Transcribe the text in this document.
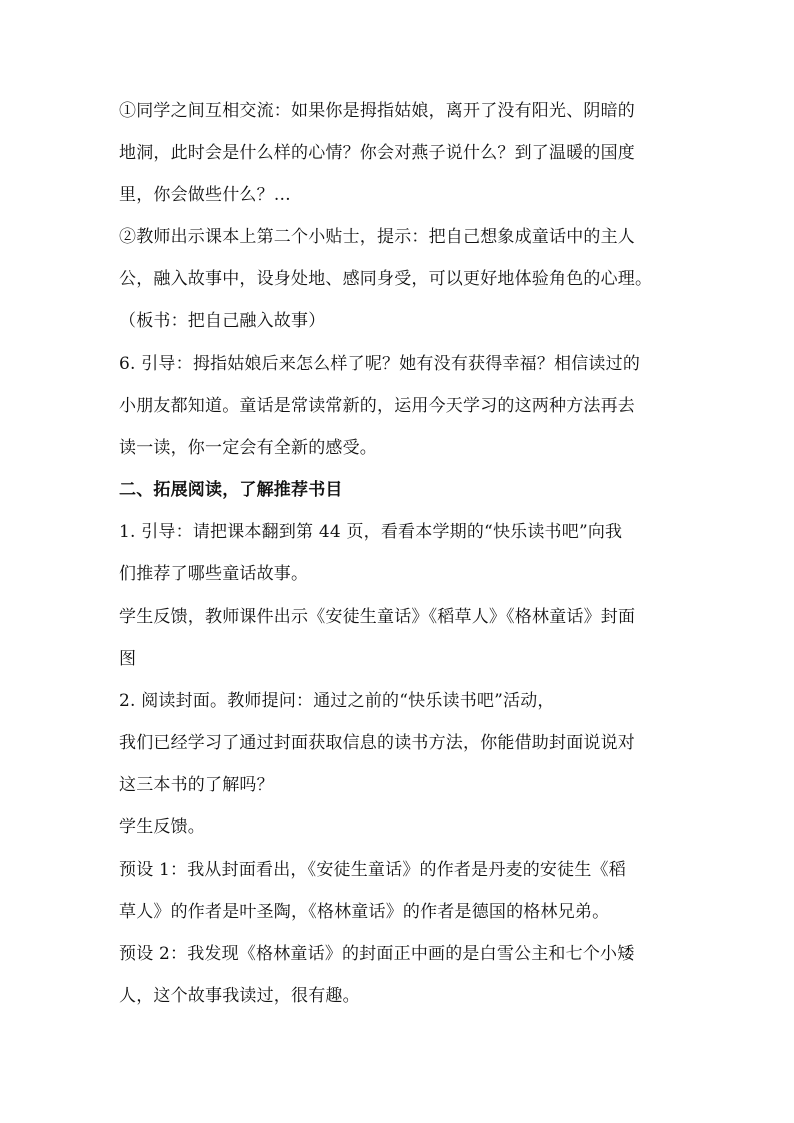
①同学之间互相交流：如果你是拇指姑娘，离开了没有阳光、阴暗的
地洞，此时会是什么样的心情？你会对燕子说什么？到了温暖的国度
里，你会做些什么？…
②教师出示课本上第二个小贴士，提示：把自己想象成童话中的主人
公，融入故事中，设身处地、感同身受，可以更好地体验角色的心理。
（板书：把自己融入故事）
6. 引导：拇指姑娘后来怎么样了呢？她有没有获得幸福？相信读过的
小朋友都知道。童话是常读常新的，运用今天学习的这两种方法再去
读一读，你一定会有全新的感受。
二、拓展阅读，了解推荐书目
1. 引导：请把课本翻到第 44 页，看看本学期的“快乐读书吧”向我
们推荐了哪些童话故事。
学生反馈，教师课件出示《安徒生童话》《稻草人》《格林童话》封面
图
2. 阅读封面。教师提问：通过之前的“快乐读书吧”活动，
我们已经学习了通过封面获取信息的读书方法，你能借助封面说说对
这三本书的了解吗？
学生反馈。
预设 1：我从封面看出，《安徒生童话》的作者是丹麦的安徒生《稻
草人》的作者是叶圣陶，《格林童话》的作者是德国的格林兄弟。
预设 2：我发现《格林童话》的封面正中画的是白雪公主和七个小矮
人，这个故事我读过，很有趣。
